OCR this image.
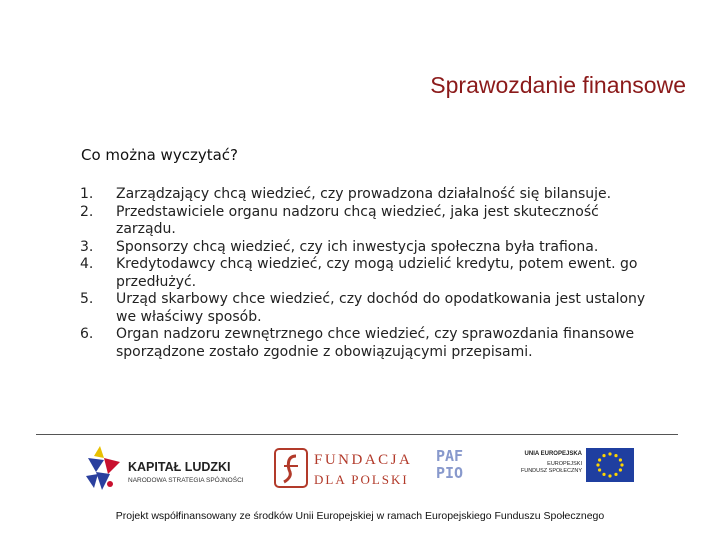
Sprawozdanie finansowe
Co można wyczytać?
1. Zarządzający chcą wiedzieć, czy prowadzona działalność się bilansuje.
2. Przedstawiciele organu nadzoru chcą wiedzieć, jaka jest skuteczność zarządu.
3. Sponsorzy chcą wiedzieć, czy ich inwestycja społeczna była trafiona.
4. Kredytodawcy chcą wiedzieć, czy mogą udzielić kredytu, potem ewent. go przedłużyć.
5. Urząd skarbowy chce wiedzieć, czy dochód do opodatkowania jest ustalony we właściwy sposób.
6. Organ nadzoru zewnętrznego chce wiedzieć, czy sprawozdania finansowe sporządzone zostało zgodnie z obowiązującymi przepisami.
KAPITAŁ LUDZKI
NARODOWA STRATEGIA SPÓJNOŚCI
FUNDACJA
DLA POLSKI
PAF
PIO
UNIA EUROPEJSKA
EUROPEJSKI
FUNDUSZ SPOŁECZNY
Projekt współfinansowany ze środków Unii Europejskiej w ramach Europejskiego Funduszu Społecznego
